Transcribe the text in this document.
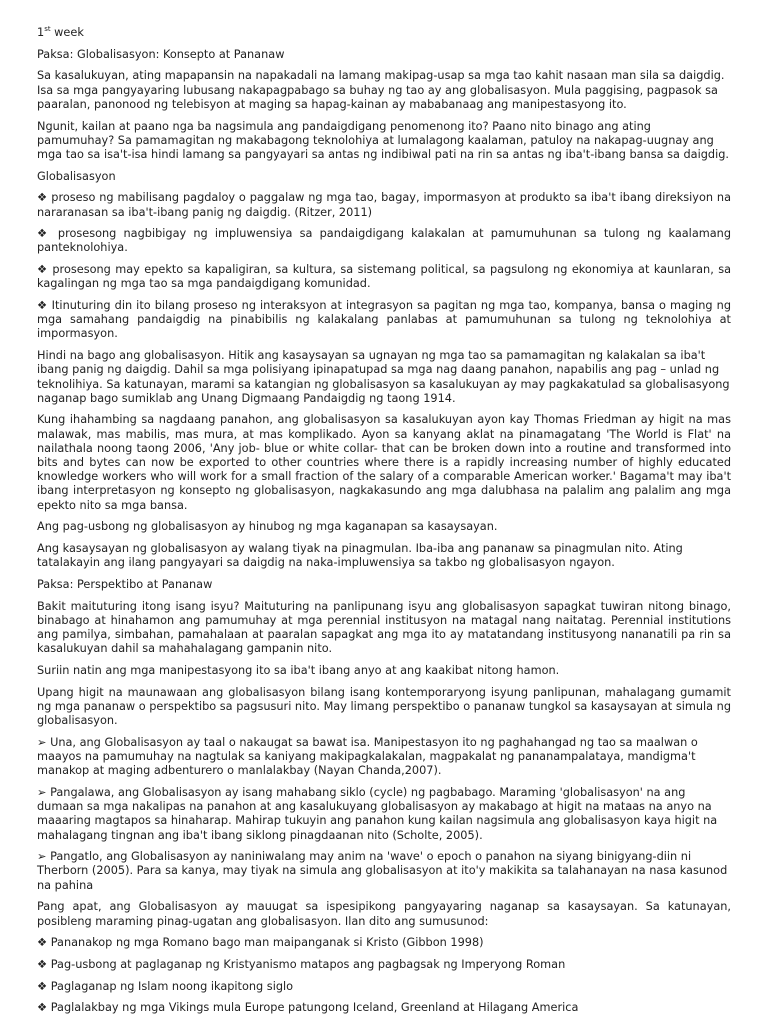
1st week

Paksa: Globalisasyon: Konsepto at Pananaw

Sa kasalukuyan, ating mapapansin na napakadali na lamang makipag-usap sa mga tao kahit nasaan man sila sa daigdig. Isa sa mga pangyayaring lubusang nakapagpabago sa buhay ng tao ay ang globalisasyon. Mula paggising, pagpasok sa paaralan, panonood ng telebisyon at maging sa hapag-kainan ay mababanaag ang manipestasyong ito.

Ngunit, kailan at paano nga ba nagsimula ang pandaigdigang penomenong ito? Paano nito binago ang ating pamumuhay? Sa pamamagitan ng makabagong teknolohiya at lumalagong kaalaman, patuloy na nakapag-uugnay ang mga tao sa isa't-isa hindi lamang sa pangyayari sa antas ng indibiwal pati na rin sa antas ng iba't-ibang bansa sa daigdig.

Globalisasyon

❖ proseso ng mabilisang pagdaloy o paggalaw ng mga tao, bagay, impormasyon at produkto sa iba't ibang direksiyon na nararanasan sa iba't-ibang panig ng daigdig. (Ritzer, 2011)

❖ prosesong nagbibigay ng impluwensiya sa pandaigdigang kalakalan at pamumuhunan sa tulong ng kaalamang panteknolohiya.

❖ prosesong may epekto sa kapaligiran, sa kultura, sa sistemang political, sa pagsulong ng ekonomiya at kaunlaran, sa kagalingan ng mga tao sa mga pandaigdigang komunidad.

❖ Itinuturing din ito bilang proseso ng interaksyon at integrasyon sa pagitan ng mga tao, kompanya, bansa o maging ng mga samahang pandaigdig na pinabibilis ng kalakalang panlabas at pamumuhunan sa tulong ng teknolohiya at impormasyon.

Hindi na bago ang globalisasyon. Hitik ang kasaysayan sa ugnayan ng mga tao sa pamamagitan ng kalakalan sa iba't ibang panig ng daigdig. Dahil sa mga polisiyang ipinapatupad sa mga nag daang panahon, napabilis ang pag – unlad ng teknolihiya. Sa katunayan, marami sa katangian ng globalisasyon sa kasalukuyan ay may pagkakatulad sa globalisasyong naganap bago sumiklab ang Unang Digmaang Pandaigdig ng taong 1914.

Kung ihahambing sa nagdaang panahon, ang globalisasyon sa kasalukuyan ayon kay Thomas Friedman ay higit na mas malawak, mas mabilis, mas mura, at mas komplikado. Ayon sa kanyang aklat na pinamagatang 'The World is Flat' na nailathala noong taong 2006, 'Any job- blue or white collar- that can be broken down into a routine and transformed into bits and bytes can now be exported to other countries where there is a rapidly increasing number of highly educated knowledge workers who will work for a small fraction of the salary of a comparable American worker.' Bagama't may iba't ibang interpretasyon ng konsepto ng globalisasyon, nagkakasundo ang mga dalubhasa na palalim ang palalim ang mga epekto nito sa mga bansa.

Ang pag-usbong ng globalisasyon ay hinubog ng mga kaganapan sa kasaysayan.

Ang kasaysayan ng globalisasyon ay walang tiyak na pinagmulan. Iba-iba ang pananaw sa pinagmulan nito. Ating tatalakayin ang ilang pangyayari sa daigdig na naka-impluwensiya sa takbo ng globalisasyon ngayon.

Paksa: Perspektibo at Pananaw

Bakit maituturing itong isang isyu? Maituturing na panlipunang isyu ang globalisasyon sapagkat tuwiran nitong binago, binabago at hinahamon ang pamumuhay at mga perennial institusyon na matagal nang naitatag. Perennial institutions ang pamilya, simbahan, pamahalaan at paaralan sapagkat ang mga ito ay matatandang institusyong nananatili pa rin sa kasalukuyan dahil sa mahahalagang gampanin nito.

Suriin natin ang mga manipestasyong ito sa iba't ibang anyo at ang kaakibat nitong hamon.

Upang higit na maunawaan ang globalisasyon bilang isang kontemporaryong isyung panlipunan, mahalagang gumamit ng mga pananaw o perspektibo sa pagsusuri nito. May limang perspektibo o pananaw tungkol sa kasaysayan at simula ng globalisasyon.

➢ Una, ang Globalisasyon ay taal o nakaugat sa bawat isa. Manipestasyon ito ng paghahangad ng tao sa maalwan o maayos na pamumuhay na nagtulak sa kaniyang makipagkalakalan, magpakalat ng pananampalataya, mandigma't manakop at maging adbenturero o manlalakbay (Nayan Chanda,2007).

➢ Pangalawa, ang Globalisasyon ay isang mahabang siklo (cycle) ng pagbabago. Maraming 'globalisasyon' na ang dumaan sa mga nakalipas na panahon at ang kasalukuyang globalisasyon ay makabago at higit na mataas na anyo na maaaring magtapos sa hinaharap. Mahirap tukuyin ang panahon kung kailan nagsimula ang globalisasyon kaya higit na mahalagang tingnan ang iba't ibang siklong pinagdaanan nito (Scholte, 2005).

➢ Pangatlo, ang Globalisasyon ay naniniwalang may anim na 'wave' o epoch o panahon na siyang binigyang-diin ni Therborn (2005). Para sa kanya, may tiyak na simula ang globalisasyon at ito'y makikita sa talahanayan na nasa kasunod na pahina

Pang apat, ang Globalisasyon ay mauugat sa ispesipikong pangyayaring naganap sa kasaysayan. Sa katunayan, posibleng maraming pinag-ugatan ang globalisasyon. Ilan dito ang sumusunod:

❖ Pananakop ng mga Romano bago man maipanganak si Kristo (Gibbon 1998)

❖ Pag-usbong at paglaganap ng Kristyanismo matapos ang pagbagsak ng Imperyong Roman

❖ Paglaganap ng Islam noong ikapitong siglo

❖ Paglalakbay ng mga Vikings mula Europe patungong Iceland, Greenland at Hilagang America
